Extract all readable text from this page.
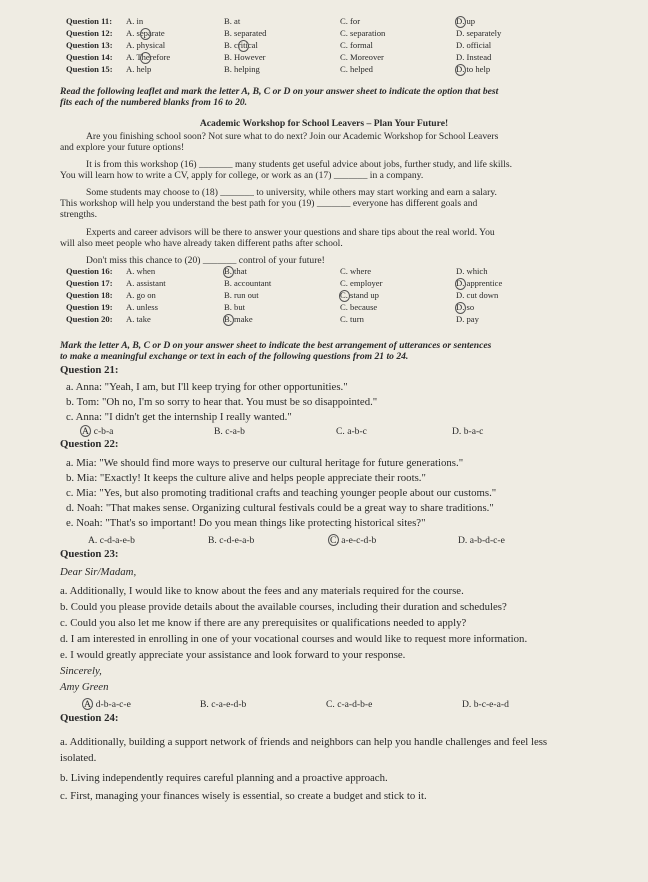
Question 11: A. in	B. at	C. for	D. up
Question 12: A. separate	B. separated	C. separation	D. separately
Question 13: A. physical	B. critical	C. formal	D. official
Question 14: A. Therefore	B. However	C. Moreover	D. Instead
Question 15: A. help	B. helping	C. helped	D. to help
Read the following leaflet and mark the letter A, B, C or D on your answer sheet to indicate the option that best
fits each of the numbered blanks from 16 to 20.
Academic Workshop for School Leavers – Plan Your Future!
Are you finishing school soon? Not sure what to do next? Join our Academic Workshop for School Leavers
and explore your future options!
It is from this workshop (16) _______ many students get useful advice about jobs, further study, and life skills.
You will learn how to write a CV, apply for college, or work as an (17) _______ in a company.
Some students may choose to (18) _______ to university, while others may start working and earn a salary.
This workshop will help you understand the best path for you (19) _______ everyone has different goals and
strengths.
Experts and career advisors will be there to answer your questions and share tips about the real world. You
will also meet people who have already taken different paths after school.
Don't miss this chance to (20) _______ control of your future!
Question 16: A. when	B. that	C. where	D. which
Question 17: A. assistant	B. accountant	C. employer	D. apprentice
Question 18: A. go on	B. run out	C. stand up	D. cut down
Question 19: A. unless	B. but	C. because	D. so
Question 20: A. take	B. make	C. turn	D. pay
Mark the letter A, B, C or D on your answer sheet to indicate the best arrangement of utterances or sentences
to make a meaningful exchange or text in each of the following questions from 21 to 24.
Question 21:
a. Anna: "Yeah, I am, but I'll keep trying for other opportunities."
b. Tom: "Oh no, I'm so sorry to hear that. You must be so disappointed."
c. Anna: "I didn't get the internship I really wanted."
A. c-b-a	B. c-a-b	C. a-b-c	D. b-a-c
Question 22:
a. Mia: "We should find more ways to preserve our cultural heritage for future generations."
b. Mia: "Exactly! It keeps the culture alive and helps people appreciate their roots."
c. Mia: "Yes, but also promoting traditional crafts and teaching younger people about our customs."
d. Noah: "That makes sense. Organizing cultural festivals could be a great way to share traditions."
e. Noah: "That's so important! Do you mean things like protecting historical sites?"
A. c-d-a-e-b	B. c-d-e-a-b	C. a-e-c-d-b	D. a-b-d-c-e
Question 23:
Dear Sir/Madam,
a. Additionally, I would like to know about the fees and any materials required for the course.
b. Could you please provide details about the available courses, including their duration and schedules?
c. Could you also let me know if there are any prerequisites or qualifications needed to apply?
d. I am interested in enrolling in one of your vocational courses and would like to request more information.
e. I would greatly appreciate your assistance and look forward to your response.
Sincerely,
Amy Green
A. d-b-a-c-e	B. c-a-e-d-b	C. c-a-d-b-e	D. b-c-e-a-d
Question 24:
a. Additionally, building a support network of friends and neighbors can help you handle challenges and feel less
isolated.
b. Living independently requires careful planning and a proactive approach.
c. First, managing your finances wisely is essential, so create a budget and stick to it.
